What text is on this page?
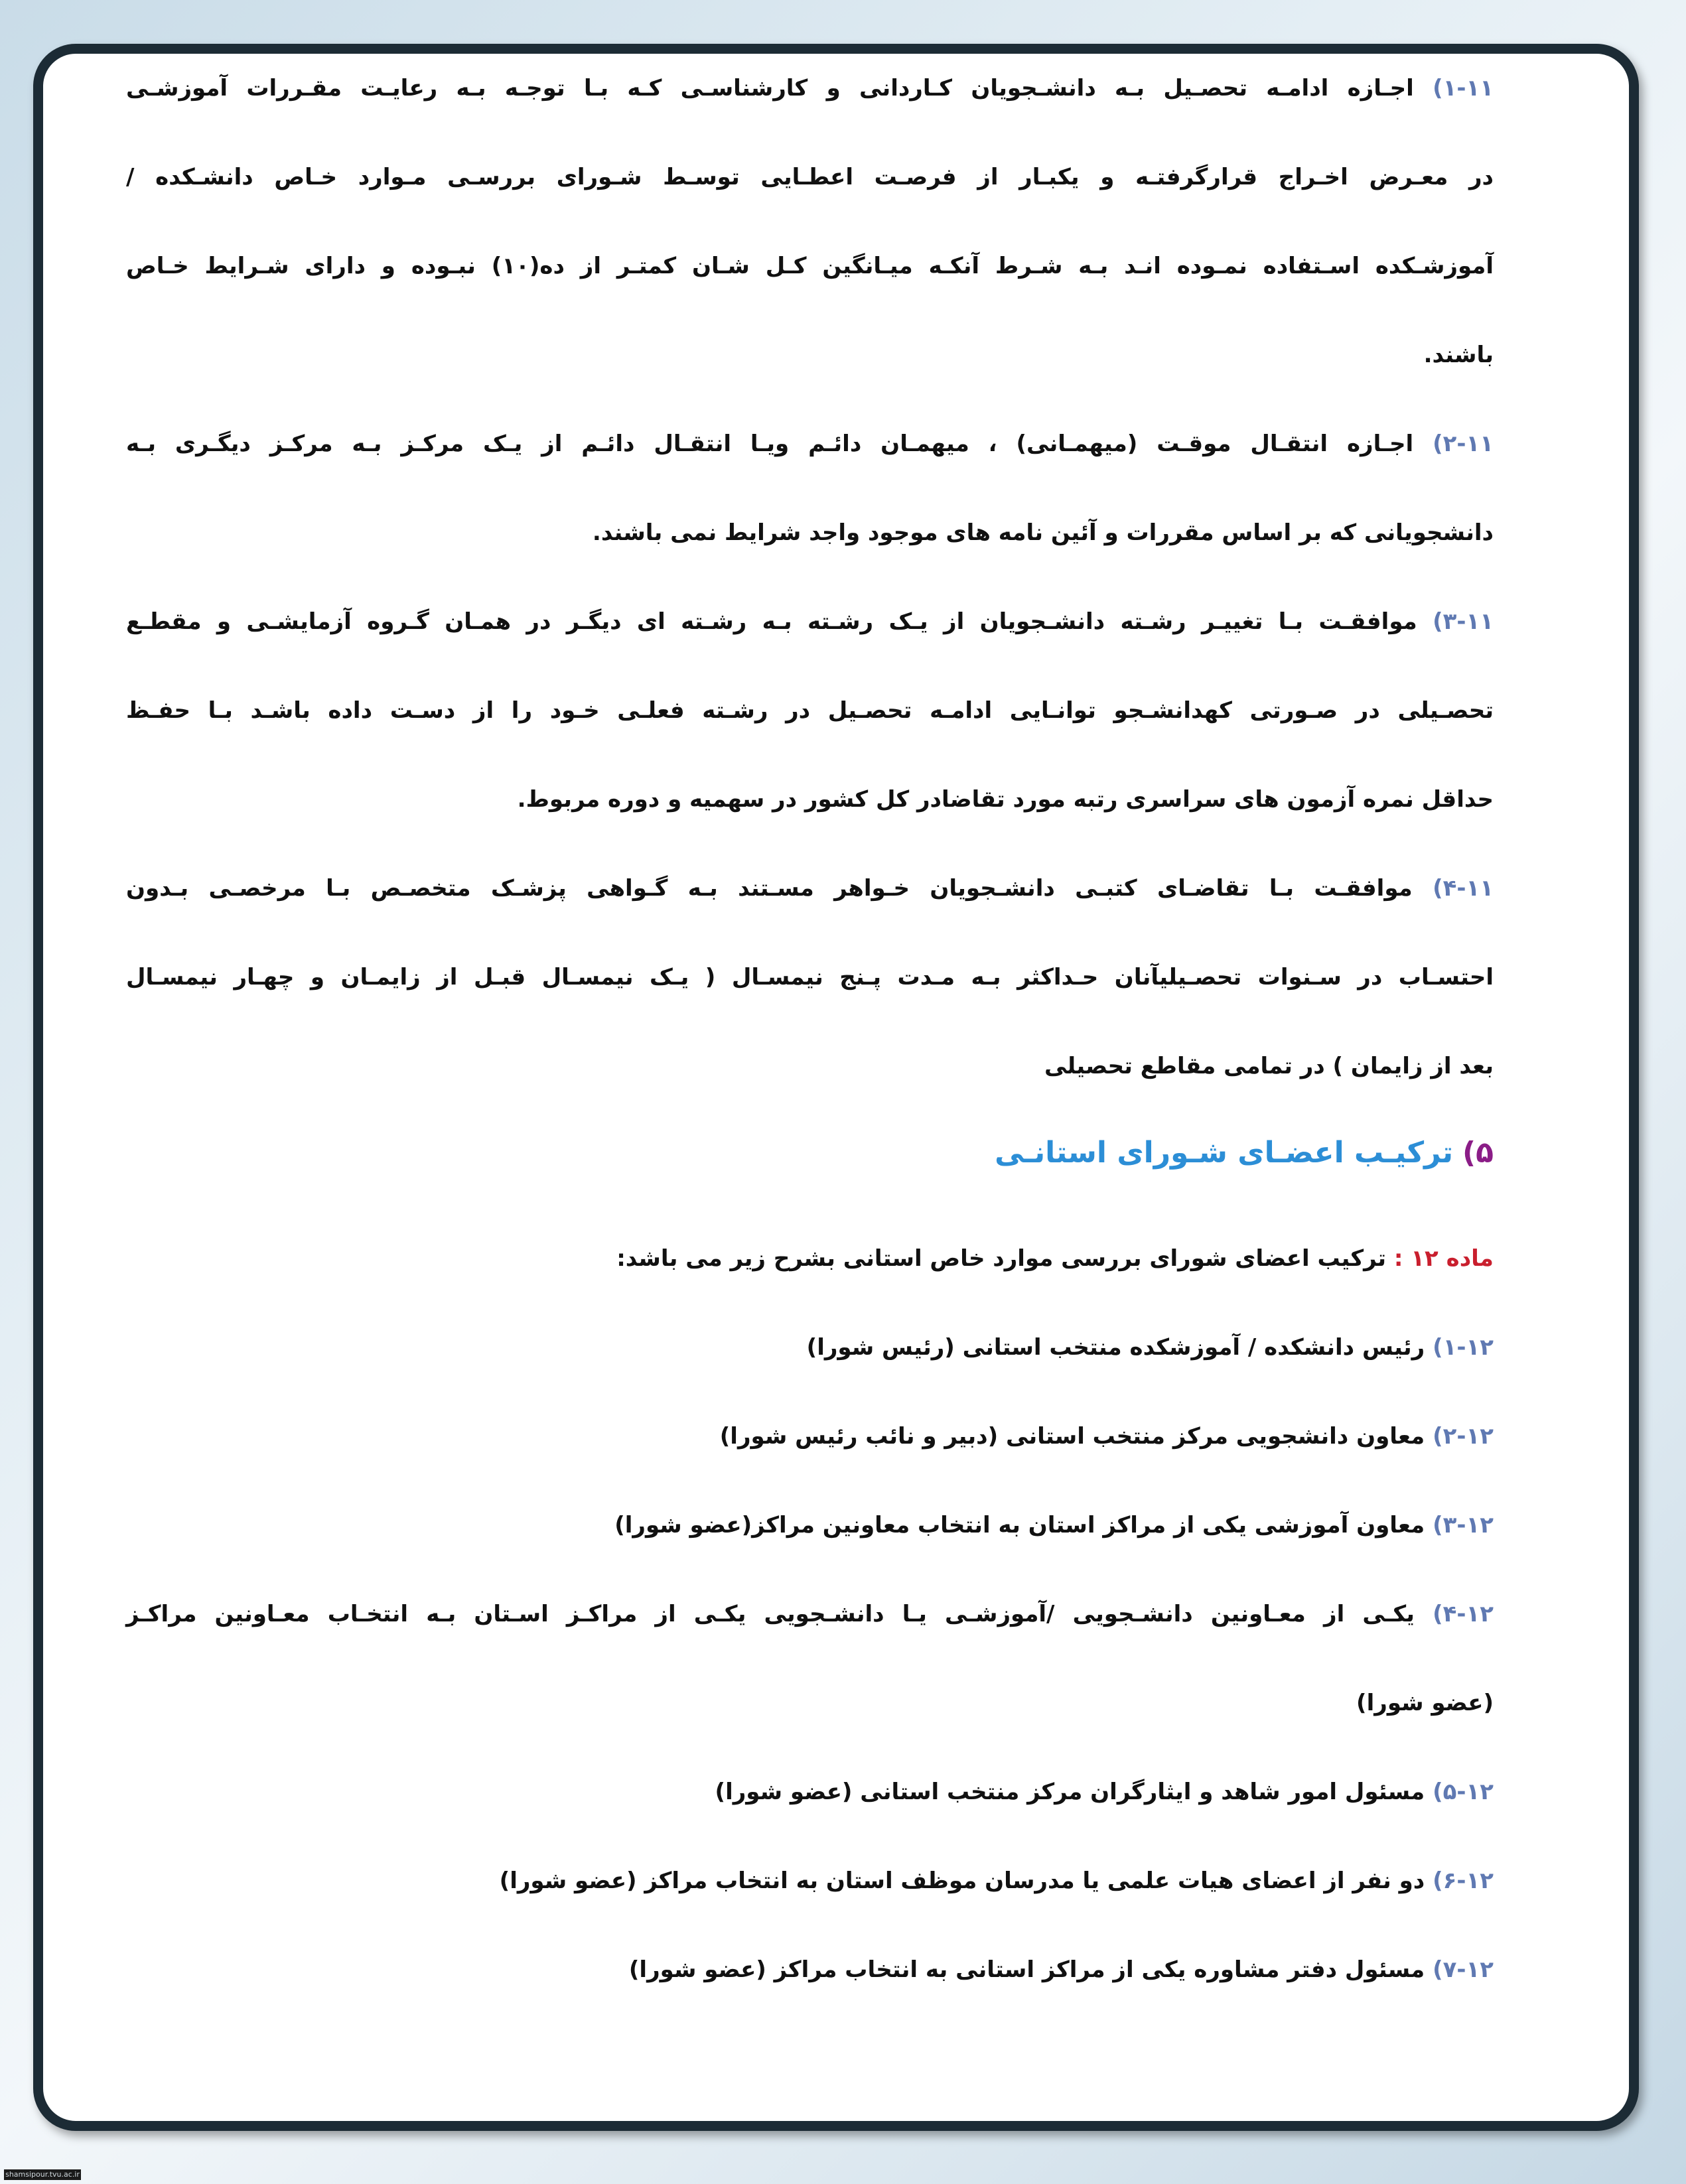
۱-۱۱) اجـازه ادامـه تحصـیل بـه دانشـجویان کـاردانی و کارشناسـی کـه بـا توجـه بـه رعایـت مقـررات آموزشـی

در معـرض اخـراج قرارگرفتـه و یکبـار از فرصـت اعطـایی توسـط شـورای بررسـی مـوارد خـاص دانشـکده /

آموزشـکده اسـتفاده نمـوده انـد بـه شـرط آنکـه میـانگین کـل شـان کمتـر از ده(۱۰) نبـوده و دارای شـرایط خـاص

باشند.

۲-۱۱) اجـازه انتقـال موقـت (میهمـانی) ، میهمـان دائـم ویـا انتقـال دائـم از یـک مرکـز بـه مرکـز دیگـری بـه

دانشجویانی که بر اساس مقررات و آئین نامه های موجود واجد شرایط نمی باشند.

۳-۱۱) موافقـت بـا تغییـر رشـته دانشـجویان از یـک رشـته بـه رشـته ای دیگـر در همـان گـروه آزمایشـی و مقطـع

تحصـیلی در صـورتی کهدانشـجو توانـایی ادامـه تحصـیل در رشـته فعلـی خـود را از دسـت داده باشـد بـا حفـظ

حداقل نمره آزمون های سراسری رتبه مورد تقاضادر کل کشور در سهمیه و دوره مربوط.

۴-۱۱) موافقـت بـا تقاضـای کتبـی دانشـجویان خـواهر مسـتند بـه گـواهی پزشـک متخصـص بـا مرخصـی بـدون

احتسـاب در سـنوات تحصـیلیآنان حـداکثر بـه مـدت پـنج نیمسـال ( یـک نیمسـال قبـل از زایمـان و چهـار نیمسـال

بعد از زایمان ) در تمامی مقاطع تحصیلی

۵)ترکیـب اعضـای شـورای استانـی

ماده ۱۲ : ترکیب اعضای شورای بررسی موارد خاص استانی بشرح زیر می باشد:

۱-۱۲) رئیس دانشکده / آموزشکده منتخب استانی (رئیس شورا)

۲-۱۲) معاون دانشجویی مرکز منتخب استانی (دبیر و نائب رئیس شورا)

۳-۱۲) معاون آموزشی یکی از مراکز استان به انتخاب معاونین مراکز(عضو شورا)

۴-۱۲) یکـی از معـاونین دانشـجویی /آموزشـی یـا دانشـجویی یکـی از مراکـز اسـتان بـه انتخـاب معـاونین مراکـز

(عضو شورا)

۵-۱۲) مسئول امور شاهد و ایثارگران مرکز منتخب استانی (عضو شورا)

۶-۱۲) دو نفر از اعضای هیات علمی یا مدرسان موظف استان به انتخاب مراکز (عضو شورا)

۷-۱۲) مسئول دفتر مشاوره یکی از مراکز استانی به انتخاب مراکز (عضو شورا)

shamsipour.tvu.ac.ir
